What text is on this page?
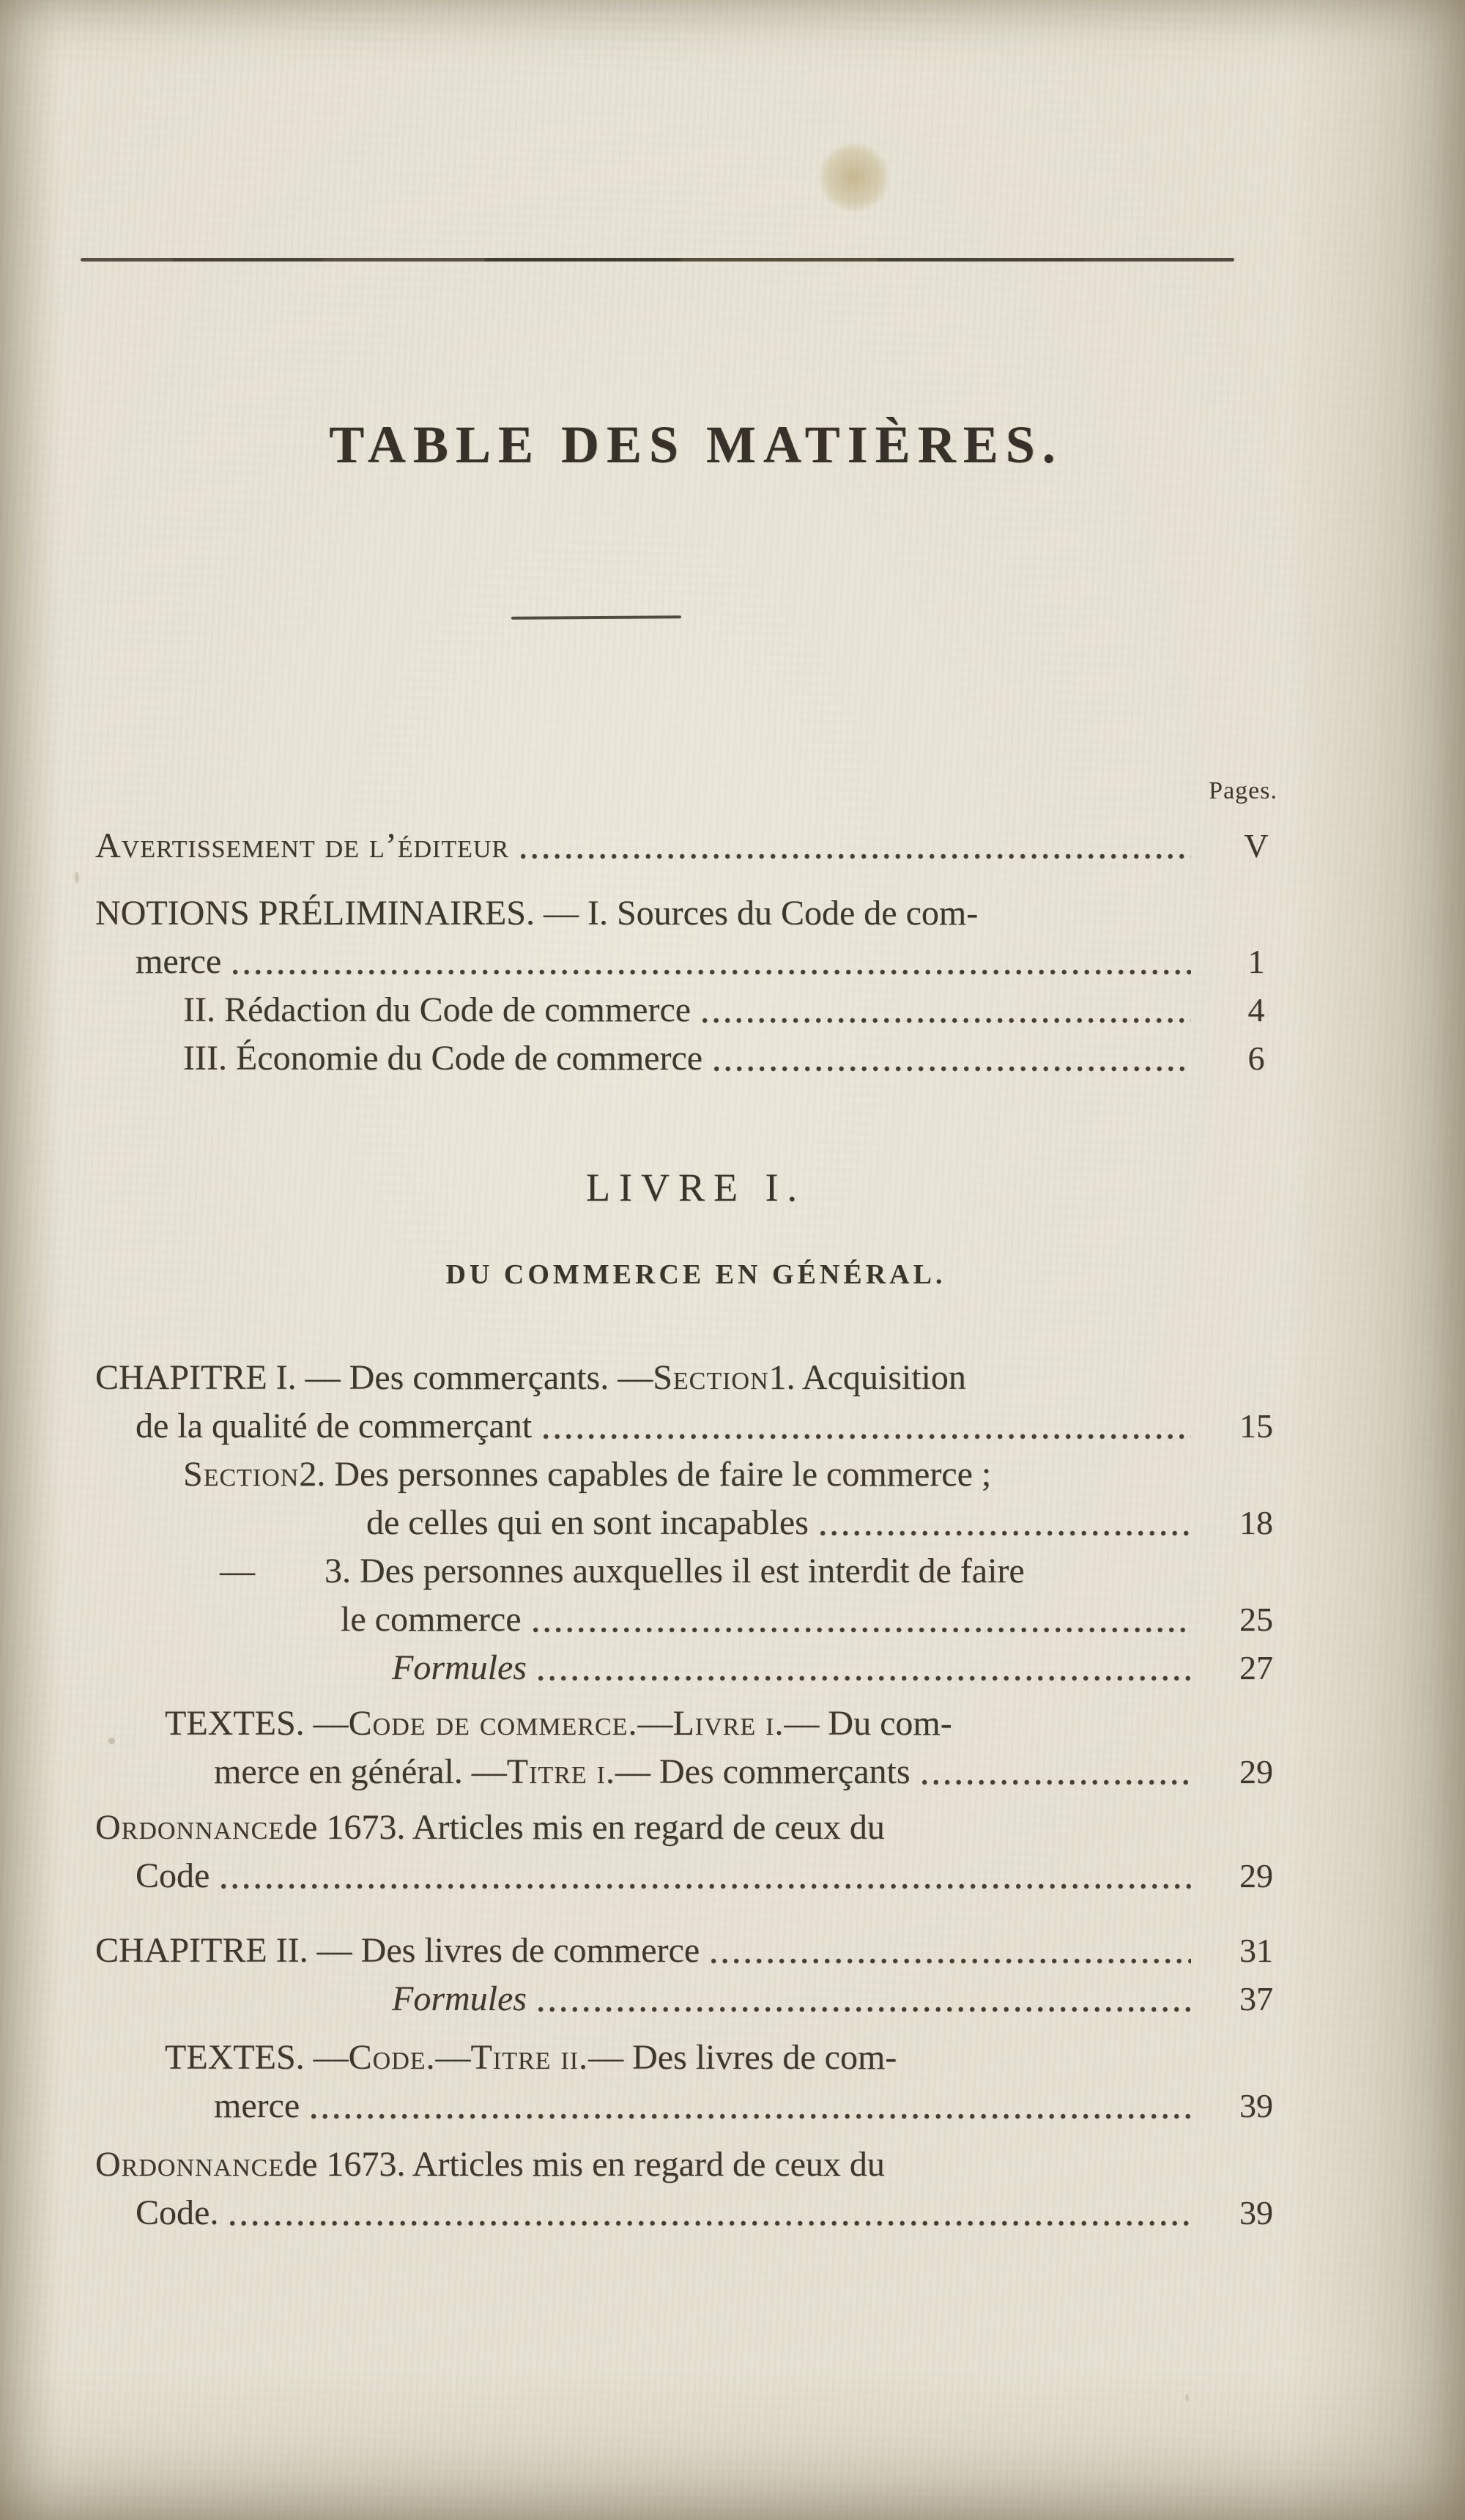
TABLE DES MATIÈRES.
Pages.
Avertissement de l’éditeur	V
NOTIONS PRÉLIMINAIRES. — I. Sources du Code de com-
merce	1
II. Rédaction du Code de commerce	4
III. Économie du Code de commerce	6
LIVRE I.
DU COMMERCE EN GÉNÉRAL.
CHAPITRE I. — Des commerçants. — Section 1. Acquisition
de la qualité de commerçant	15
Section 2. Des personnes capables de faire le commerce ;
de celles qui en sont incapables	18
— 3. Des personnes auxquelles il est interdit de faire
le commerce	25
Formules	27
TEXTES. — Code de commerce. — Livre i. — Du com-
merce en général. — Titre i. — Des commerçants	29
Ordonnance de 1673. Articles mis en regard de ceux du
Code	29
CHAPITRE II. — Des livres de commerce	31
Formules	37
TEXTES. — Code. — Titre ii. — Des livres de com-
merce	39
Ordonnance de 1673. Articles mis en regard de ceux du
Code.	39
